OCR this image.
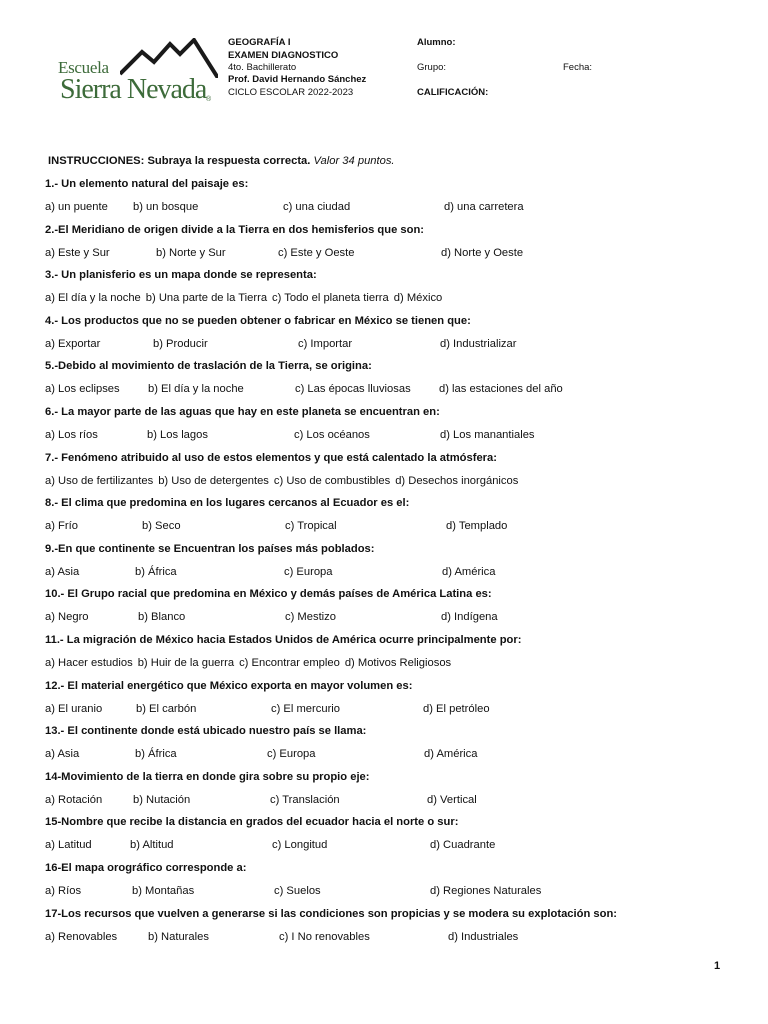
Escuela
Sierra Nevada ®
GEOGRAFÍA I
EXAMEN DIAGNOSTICO
4to. Bachillerato
Prof. David Hernando Sánchez
CICLO ESCOLAR 2022-2023
Alumno:
Grupo:	Fecha:
CALIFICACIÓN:
INSTRUCCIONES: Subraya la respuesta correcta. Valor 34 puntos.
1.- Un elemento natural del paisaje es:
a) un puente b) un bosque	c) una ciudad	d) una carretera
2.-El Meridiano de origen divide a la Tierra en dos hemisferios que son:
a) Este y Sur	b) Norte y Sur	c) Este y Oeste	d) Norte y Oeste
3.- Un planisferio es un mapa donde se representa:
a) El día y la noche b) Una parte de la Tierra c) Todo el planeta tierra d) México
4.- Los productos que no se pueden obtener o fabricar en México se tienen que:
a) Exportar	b) Producir	c) Importar	d) Industrializar
5.-Debido al movimiento de traslación de la Tierra, se origina:
a) Los eclipses	b) El día y la noche	c) Las épocas lluviosas	d) las estaciones del año
6.- La mayor parte de las aguas que hay en este planeta se encuentran en:
a) Los ríos	b) Los lagos	c) Los océanos	d) Los manantiales
7.- Fenómeno atribuido al uso de estos elementos y que está calentado la atmósfera:
a) Uso de fertilizantes b) Uso de detergentes c) Uso de combustibles d) Desechos inorgánicos
8.- El clima que predomina en los lugares cercanos al Ecuador es el:
a) Frío	b) Seco	c) Tropical	d) Templado
9.-En que continente se Encuentran los países más poblados:
a) Asia	b) África	c) Europa	d) América
10.- El Grupo racial que predomina en México y demás países de América Latina es:
a) Negro	b) Blanco	c) Mestizo	d) Indígena
11.- La migración de México hacia Estados Unidos de América ocurre principalmente por:
a) Hacer estudios b) Huir de la guerra c) Encontrar empleo d) Motivos Religiosos
12.- El material energético que México exporta en mayor volumen es:
a) El uranio	b) El carbón	c) El mercurio	d) El petróleo
13.- El continente donde está ubicado nuestro país se llama:
a) Asia	b) África	c) Europa	d) América
14-Movimiento de la tierra en donde gira sobre su propio eje:
a) Rotación	b) Nutación	c) Translación	d) Vertical
15-Nombre que recibe la distancia en grados del ecuador hacia el norte o sur:
a) Latitud	b) Altitud	c) Longitud	d) Cuadrante
16-El mapa orográfico corresponde a:
a) Ríos	b) Montañas	c) Suelos	d) Regiones Naturales
17-Los recursos que vuelven a generarse si las condiciones son propicias y se modera su explotación son:
a) Renovables	b) Naturales	c) I No renovables	d) Industriales
1
